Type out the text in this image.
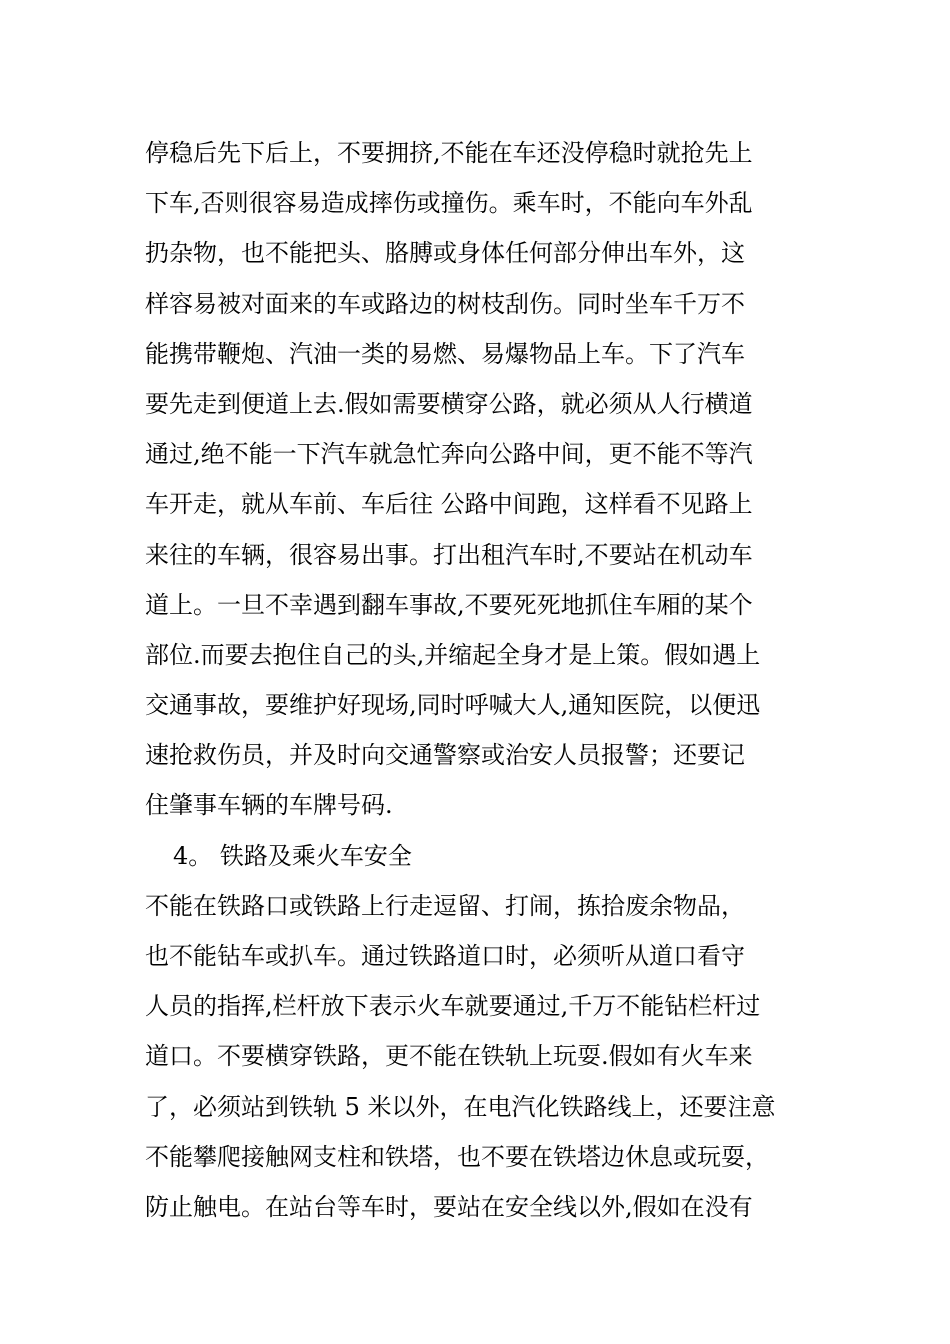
停稳后先下后上，不要拥挤,不能在车还没停稳时就抢先上
下车,否则很容易造成摔伤或撞伤。乘车时，不能向车外乱
扔杂物，也不能把头、胳膊或身体任何部分伸出车外，这
样容易被对面来的车或路边的树枝刮伤。同时坐车千万不
能携带鞭炮、汽油一类的易燃、易爆物品上车。下了汽车
要先走到便道上去.假如需要横穿公路，就必须从人行横道
通过,绝不能一下汽车就急忙奔向公路中间，更不能不等汽
车开走，就从车前、车后往 公路中间跑，这样看不见路上
来往的车辆，很容易出事。打出租汽车时,不要站在机动车
道上。一旦不幸遇到翻车事故,不要死死地抓住车厢的某个
部位.而要去抱住自己的头,并缩起全身才是上策。假如遇上
交通事故，要维护好现场,同时呼喊大人,通知医院，以便迅
速抢救伤员，并及时向交通警察或治安人员报警；还要记
住肇事车辆的车牌号码.
4。 铁路及乘火车安全
不能在铁路口或铁路上行走逗留、打闹，拣拾废余物品，
也不能钻车或扒车。通过铁路道口时，必须听从道口看守
人员的指挥,栏杆放下表示火车就要通过,千万不能钻栏杆过
道口。不要横穿铁路，更不能在铁轨上玩耍.假如有火车来
了，必须站到铁轨 5 米以外，在电汽化铁路线上，还要注意
不能攀爬接触网支柱和铁塔，也不要在铁塔边休息或玩耍，
防止触电。在站台等车时，要站在安全线以外,假如在没有
